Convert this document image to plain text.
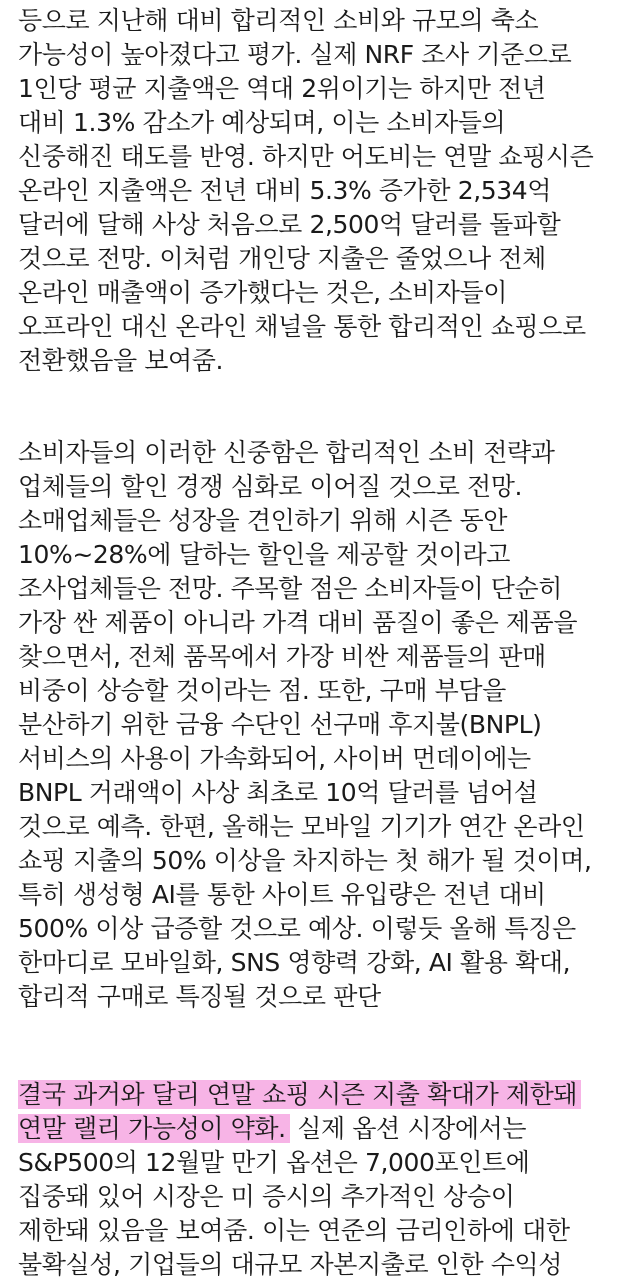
등으로 지난해 대비 합리적인 소비와 규모의 축소
가능성이 높아졌다고 평가. 실제 NRF 조사 기준으로
1인당 평균 지출액은 역대 2위이기는 하지만 전년
대비 1.3% 감소가 예상되며, 이는 소비자들의
신중해진 태도를 반영. 하지만 어도비는 연말 쇼핑시즌
온라인 지출액은 전년 대비 5.3% 증가한 2,534억
달러에 달해 사상 처음으로 2,500억 달러를 돌파할
것으로 전망. 이처럼 개인당 지출은 줄었으나 전체
온라인 매출액이 증가했다는 것은, 소비자들이
오프라인 대신 온라인 채널을 통한 합리적인 쇼핑으로
전환했음을 보여줌.
소비자들의 이러한 신중함은 합리적인 소비 전략과
업체들의 할인 경쟁 심화로 이어질 것으로 전망.
소매업체들은 성장을 견인하기 위해 시즌 동안
10%~28%에 달하는 할인을 제공할 것이라고
조사업체들은 전망. 주목할 점은 소비자들이 단순히
가장 싼 제품이 아니라 가격 대비 품질이 좋은 제품을
찾으면서, 전체 품목에서 가장 비싼 제품들의 판매
비중이 상승할 것이라는 점. 또한, 구매 부담을
분산하기 위한 금융 수단인 선구매 후지불(BNPL)
서비스의 사용이 가속화되어, 사이버 먼데이에는
BNPL 거래액이 사상 최초로 10억 달러를 넘어설
것으로 예측. 한편, 올해는 모바일 기기가 연간 온라인
쇼핑 지출의 50% 이상을 차지하는 첫 해가 될 것이며,
특히 생성형 AI를 통한 사이트 유입량은 전년 대비
500% 이상 급증할 것으로 예상. 이렇듯 올해 특징은
한마디로 모바일화, SNS 영향력 강화, AI 활용 확대,
합리적 구매로 특징될 것으로 판단
결국 과거와 달리 연말 쇼핑 시즌 지출 확대가 제한돼
연말 랠리 가능성이 약화. 실제 옵션 시장에서는
S&P500의 12월말 만기 옵션은 7,000포인트에
집중돼 있어 시장은 미 증시의 추가적인 상승이
제한돼 있음을 보여줌. 이는 연준의 금리인하에 대한
불확실성, 기업들의 대규모 자본지출로 인한 수익성
